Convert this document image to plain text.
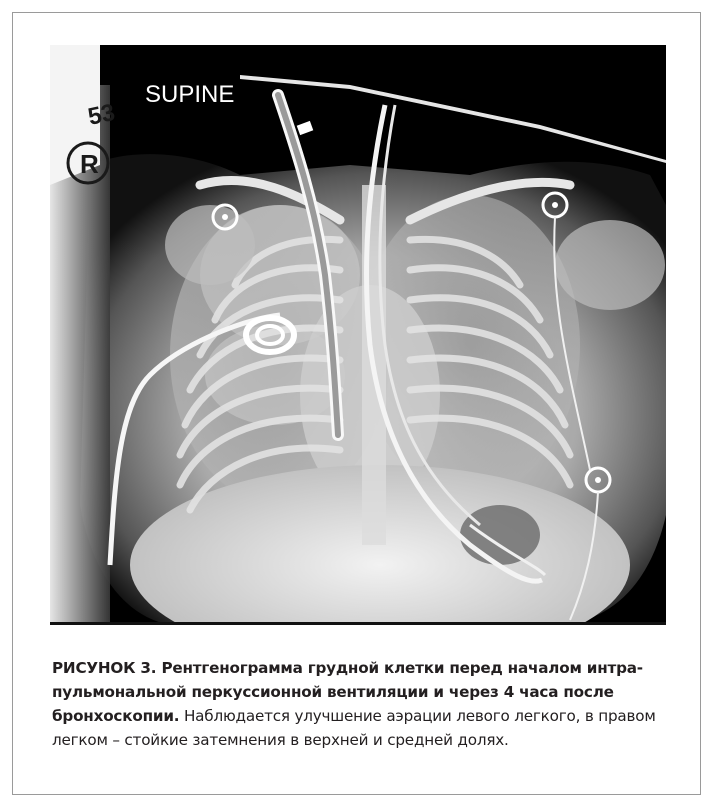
R
53
SUPINE
РИСУНОК 3. Рентгенограмма грудной клетки перед началом интра-пульмональной перкуссионной вентиляции и через 4 часа после бронхоскопии. Наблюдается улучшение аэрации левого легкого, в правом легком – стойкие затемнения в верхней и средней долях.
